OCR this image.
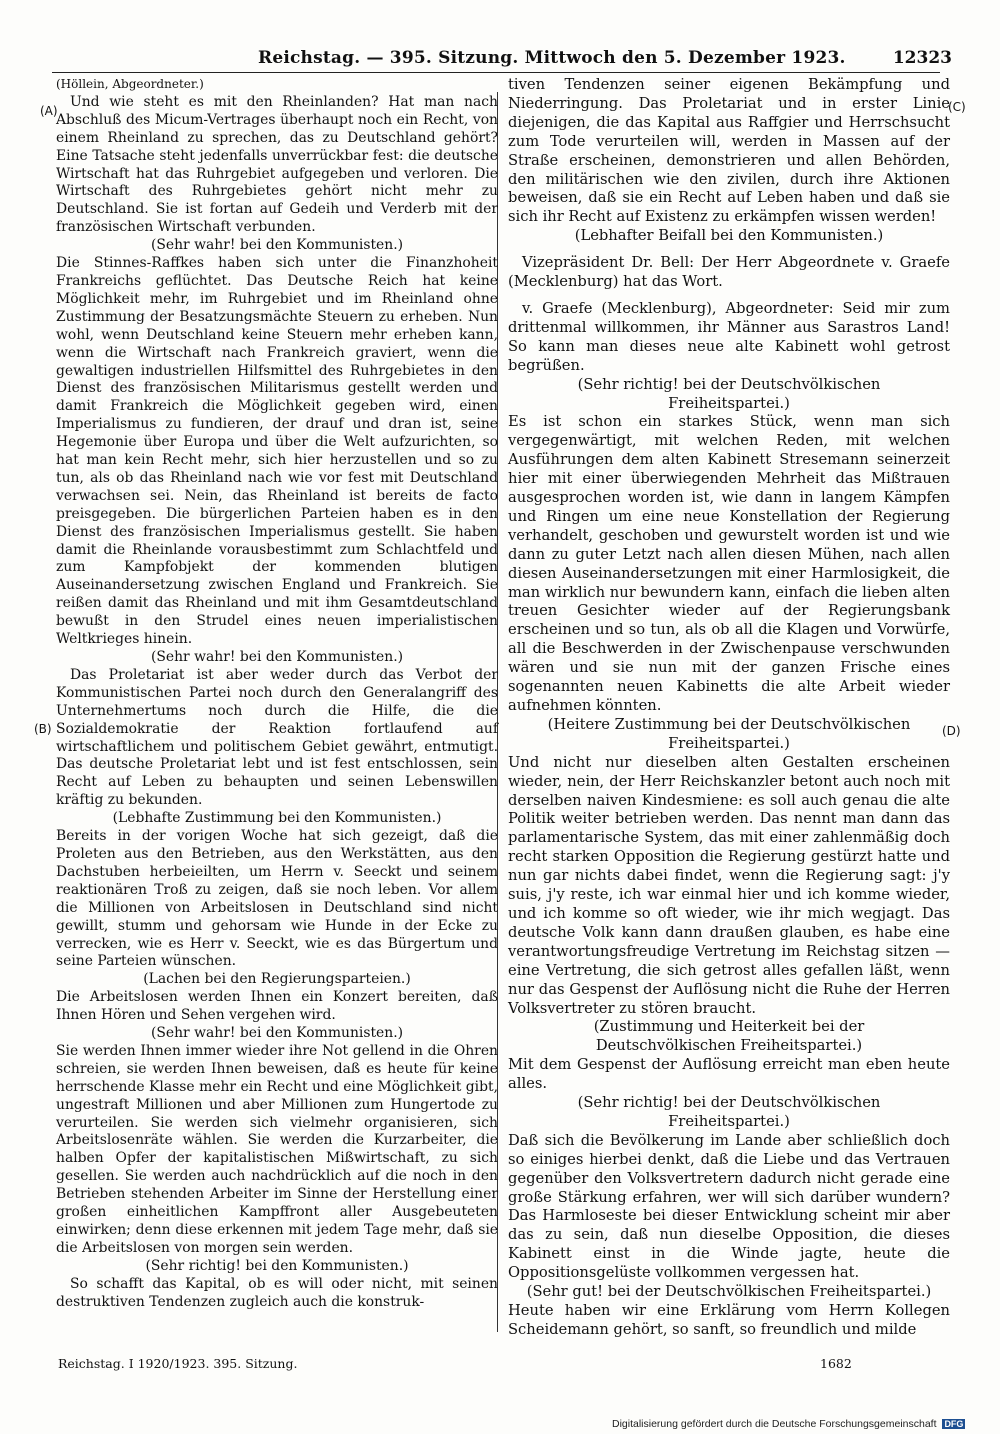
Reichstag. — 395. Sitzung. Mittwoch den 5. Dezember 1923.	12323
(A)
(B)
(C)
(D)

(Höllein, Abgeordneter.)

Und wie steht es mit den Rheinlanden? Hat man nach Abschluß des Micum-Vertrages überhaupt noch ein Recht, von einem Rheinland zu sprechen, das zu Deutschland gehört? Eine Tatsache steht jedenfalls unverrückbar fest: die deutsche Wirtschaft hat das Ruhrgebiet aufgegeben und verloren. Die Wirtschaft des Ruhrgebietes gehört nicht mehr zu Deutschland. Sie ist fortan auf Gedeih und Verderb mit der französischen Wirtschaft verbunden.

(Sehr wahr! bei den Kommunisten.)

Die Stinnes-Raffkes haben sich unter die Finanzhoheit Frankreichs geflüchtet. Das Deutsche Reich hat keine Möglichkeit mehr, im Ruhrgebiet und im Rheinland ohne Zustimmung der Besatzungsmächte Steuern zu erheben. Nun wohl, wenn Deutschland keine Steuern mehr erheben kann, wenn die Wirtschaft nach Frankreich graviert, wenn die gewaltigen industriellen Hilfsmittel des Ruhrgebietes in den Dienst des französischen Militarismus gestellt werden und damit Frankreich die Möglichkeit gegeben wird, einen Imperialismus zu fundieren, der drauf und dran ist, seine Hegemonie über Europa und über die Welt aufzurichten, so hat man kein Recht mehr, sich hier herzustellen und so zu tun, als ob das Rheinland nach wie vor fest mit Deutschland verwachsen sei. Nein, das Rheinland ist bereits de facto preisgegeben. Die bürgerlichen Parteien haben es in den Dienst des französischen Imperialismus gestellt. Sie haben damit die Rheinlande vorausbestimmt zum Schlachtfeld und zum Kampfobjekt der kommenden blutigen Auseinandersetzung zwischen England und Frankreich. Sie reißen damit das Rheinland und mit ihm Gesamtdeutschland bewußt in den Strudel eines neuen imperialistischen Weltkrieges hinein.

(Sehr wahr! bei den Kommunisten.)

Das Proletariat ist aber weder durch das Verbot der Kommunistischen Partei noch durch den Generalangriff des Unternehmertums noch durch die Hilfe, die die Sozialdemokratie der Reaktion fortlaufend auf wirtschaftlichem und politischem Gebiet gewährt, entmutigt. Das deutsche Proletariat lebt und ist fest entschlossen, sein Recht auf Leben zu behaupten und seinen Lebenswillen kräftig zu bekunden.

(Lebhafte Zustimmung bei den Kommunisten.)

Bereits in der vorigen Woche hat sich gezeigt, daß die Proleten aus den Betrieben, aus den Werkstätten, aus den Dachstuben herbeieilten, um Herrn v. Seeckt und seinem reaktionären Troß zu zeigen, daß sie noch leben. Vor allem die Millionen von Arbeitslosen in Deutschland sind nicht gewillt, stumm und gehorsam wie Hunde in der Ecke zu verrecken, wie es Herr v. Seeckt, wie es das Bürgertum und seine Parteien wünschen.

(Lachen bei den Regierungsparteien.)

Die Arbeitslosen werden Ihnen ein Konzert bereiten, daß Ihnen Hören und Sehen vergehen wird.

(Sehr wahr! bei den Kommunisten.)

Sie werden Ihnen immer wieder ihre Not gellend in die Ohren schreien, sie werden Ihnen beweisen, daß es heute für keine herrschende Klasse mehr ein Recht und eine Möglichkeit gibt, ungestraft Millionen und aber Millionen zum Hungertode zu verurteilen. Sie werden sich vielmehr organisieren, sich Arbeitslosenräte wählen. Sie werden die Kurzarbeiter, die halben Opfer der kapitalistischen Mißwirtschaft, zu sich gesellen. Sie werden auch nachdrücklich auf die noch in den Betrieben stehenden Arbeiter im Sinne der Herstellung einer großen einheitlichen Kampffront aller Ausgebeuteten einwirken; denn diese erkennen mit jedem Tage mehr, daß sie die Arbeitslosen von morgen sein werden.

(Sehr richtig! bei den Kommunisten.)

So schafft das Kapital, ob es will oder nicht, mit seinen destruktiven Tendenzen zugleich auch die konstruk-

tiven Tendenzen seiner eigenen Bekämpfung und Niederringung. Das Proletariat und in erster Linie diejenigen, die das Kapital aus Raffgier und Herrschsucht zum Tode verurteilen will, werden in Massen auf der Straße erscheinen, demonstrieren und allen Behörden, den militärischen wie den zivilen, durch ihre Aktionen beweisen, daß sie ein Recht auf Leben haben und daß sie sich ihr Recht auf Existenz zu erkämpfen wissen werden!

(Lebhafter Beifall bei den Kommunisten.)

Vizepräsident Dr. Bell: Der Herr Abgeordnete v. Graefe (Mecklenburg) hat das Wort.

v. Graefe (Mecklenburg), Abgeordneter: Seid mir zum drittenmal willkommen, ihr Männer aus Sarastros Land! So kann man dieses neue alte Kabinett wohl getrost begrüßen.

(Sehr richtig! bei der Deutschvölkischen Freiheitspartei.)

Es ist schon ein starkes Stück, wenn man sich vergegenwärtigt, mit welchen Reden, mit welchen Ausführungen dem alten Kabinett Stresemann seinerzeit hier mit einer überwiegenden Mehrheit das Mißtrauen ausgesprochen worden ist, wie dann in langem Kämpfen und Ringen um eine neue Konstellation der Regierung verhandelt, geschoben und gewurstelt worden ist und wie dann zu guter Letzt nach allen diesen Mühen, nach allen diesen Auseinandersetzungen mit einer Harmlosigkeit, die man wirklich nur bewundern kann, einfach die lieben alten treuen Gesichter wieder auf der Regierungsbank erscheinen und so tun, als ob all die Klagen und Vorwürfe, all die Beschwerden in der Zwischenpause verschwunden wären und sie nun mit der ganzen Frische eines sogenannten neuen Kabinetts die alte Arbeit wieder aufnehmen könnten.

(Heitere Zustimmung bei der Deutschvölkischen Freiheitspartei.)

Und nicht nur dieselben alten Gestalten erscheinen wieder, nein, der Herr Reichskanzler betont auch noch mit derselben naiven Kindesmiene: es soll auch genau die alte Politik weiter betrieben werden. Das nennt man dann das parlamentarische System, das mit einer zahlenmäßig doch recht starken Opposition die Regierung gestürzt hatte und nun gar nichts dabei findet, wenn die Regierung sagt: j'y suis, j'y reste, ich war einmal hier und ich komme wieder, und ich komme so oft wieder, wie ihr mich wegjagt. Das deutsche Volk kann dann draußen glauben, es habe eine verantwortungsfreudige Vertretung im Reichstag sitzen — eine Vertretung, die sich getrost alles gefallen läßt, wenn nur das Gespenst der Auflösung nicht die Ruhe der Herren Volksvertreter zu stören braucht.

(Zustimmung und Heiterkeit bei der Deutschvölkischen Freiheitspartei.)

Mit dem Gespenst der Auflösung erreicht man eben heute alles.

(Sehr richtig! bei der Deutschvölkischen Freiheitspartei.)

Daß sich die Bevölkerung im Lande aber schließlich doch so einiges hierbei denkt, daß die Liebe und das Vertrauen gegenüber den Volksvertretern dadurch nicht gerade eine große Stärkung erfahren, wer will sich darüber wundern? Das Harmloseste bei dieser Entwicklung scheint mir aber das zu sein, daß nun dieselbe Opposition, die dieses Kabinett einst in die Winde jagte, heute die Oppositionsgelüste vollkommen vergessen hat.

(Sehr gut! bei der Deutschvölkischen Freiheitspartei.)

Heute haben wir eine Erklärung vom Herrn Kollegen Scheidemann gehört, so sanft, so freundlich und milde

Reichstag. I 1920/1923. 395. Sitzung.	1682
Digitalisierung gefördert durch die Deutsche Forschungsgemeinschaft DFG
